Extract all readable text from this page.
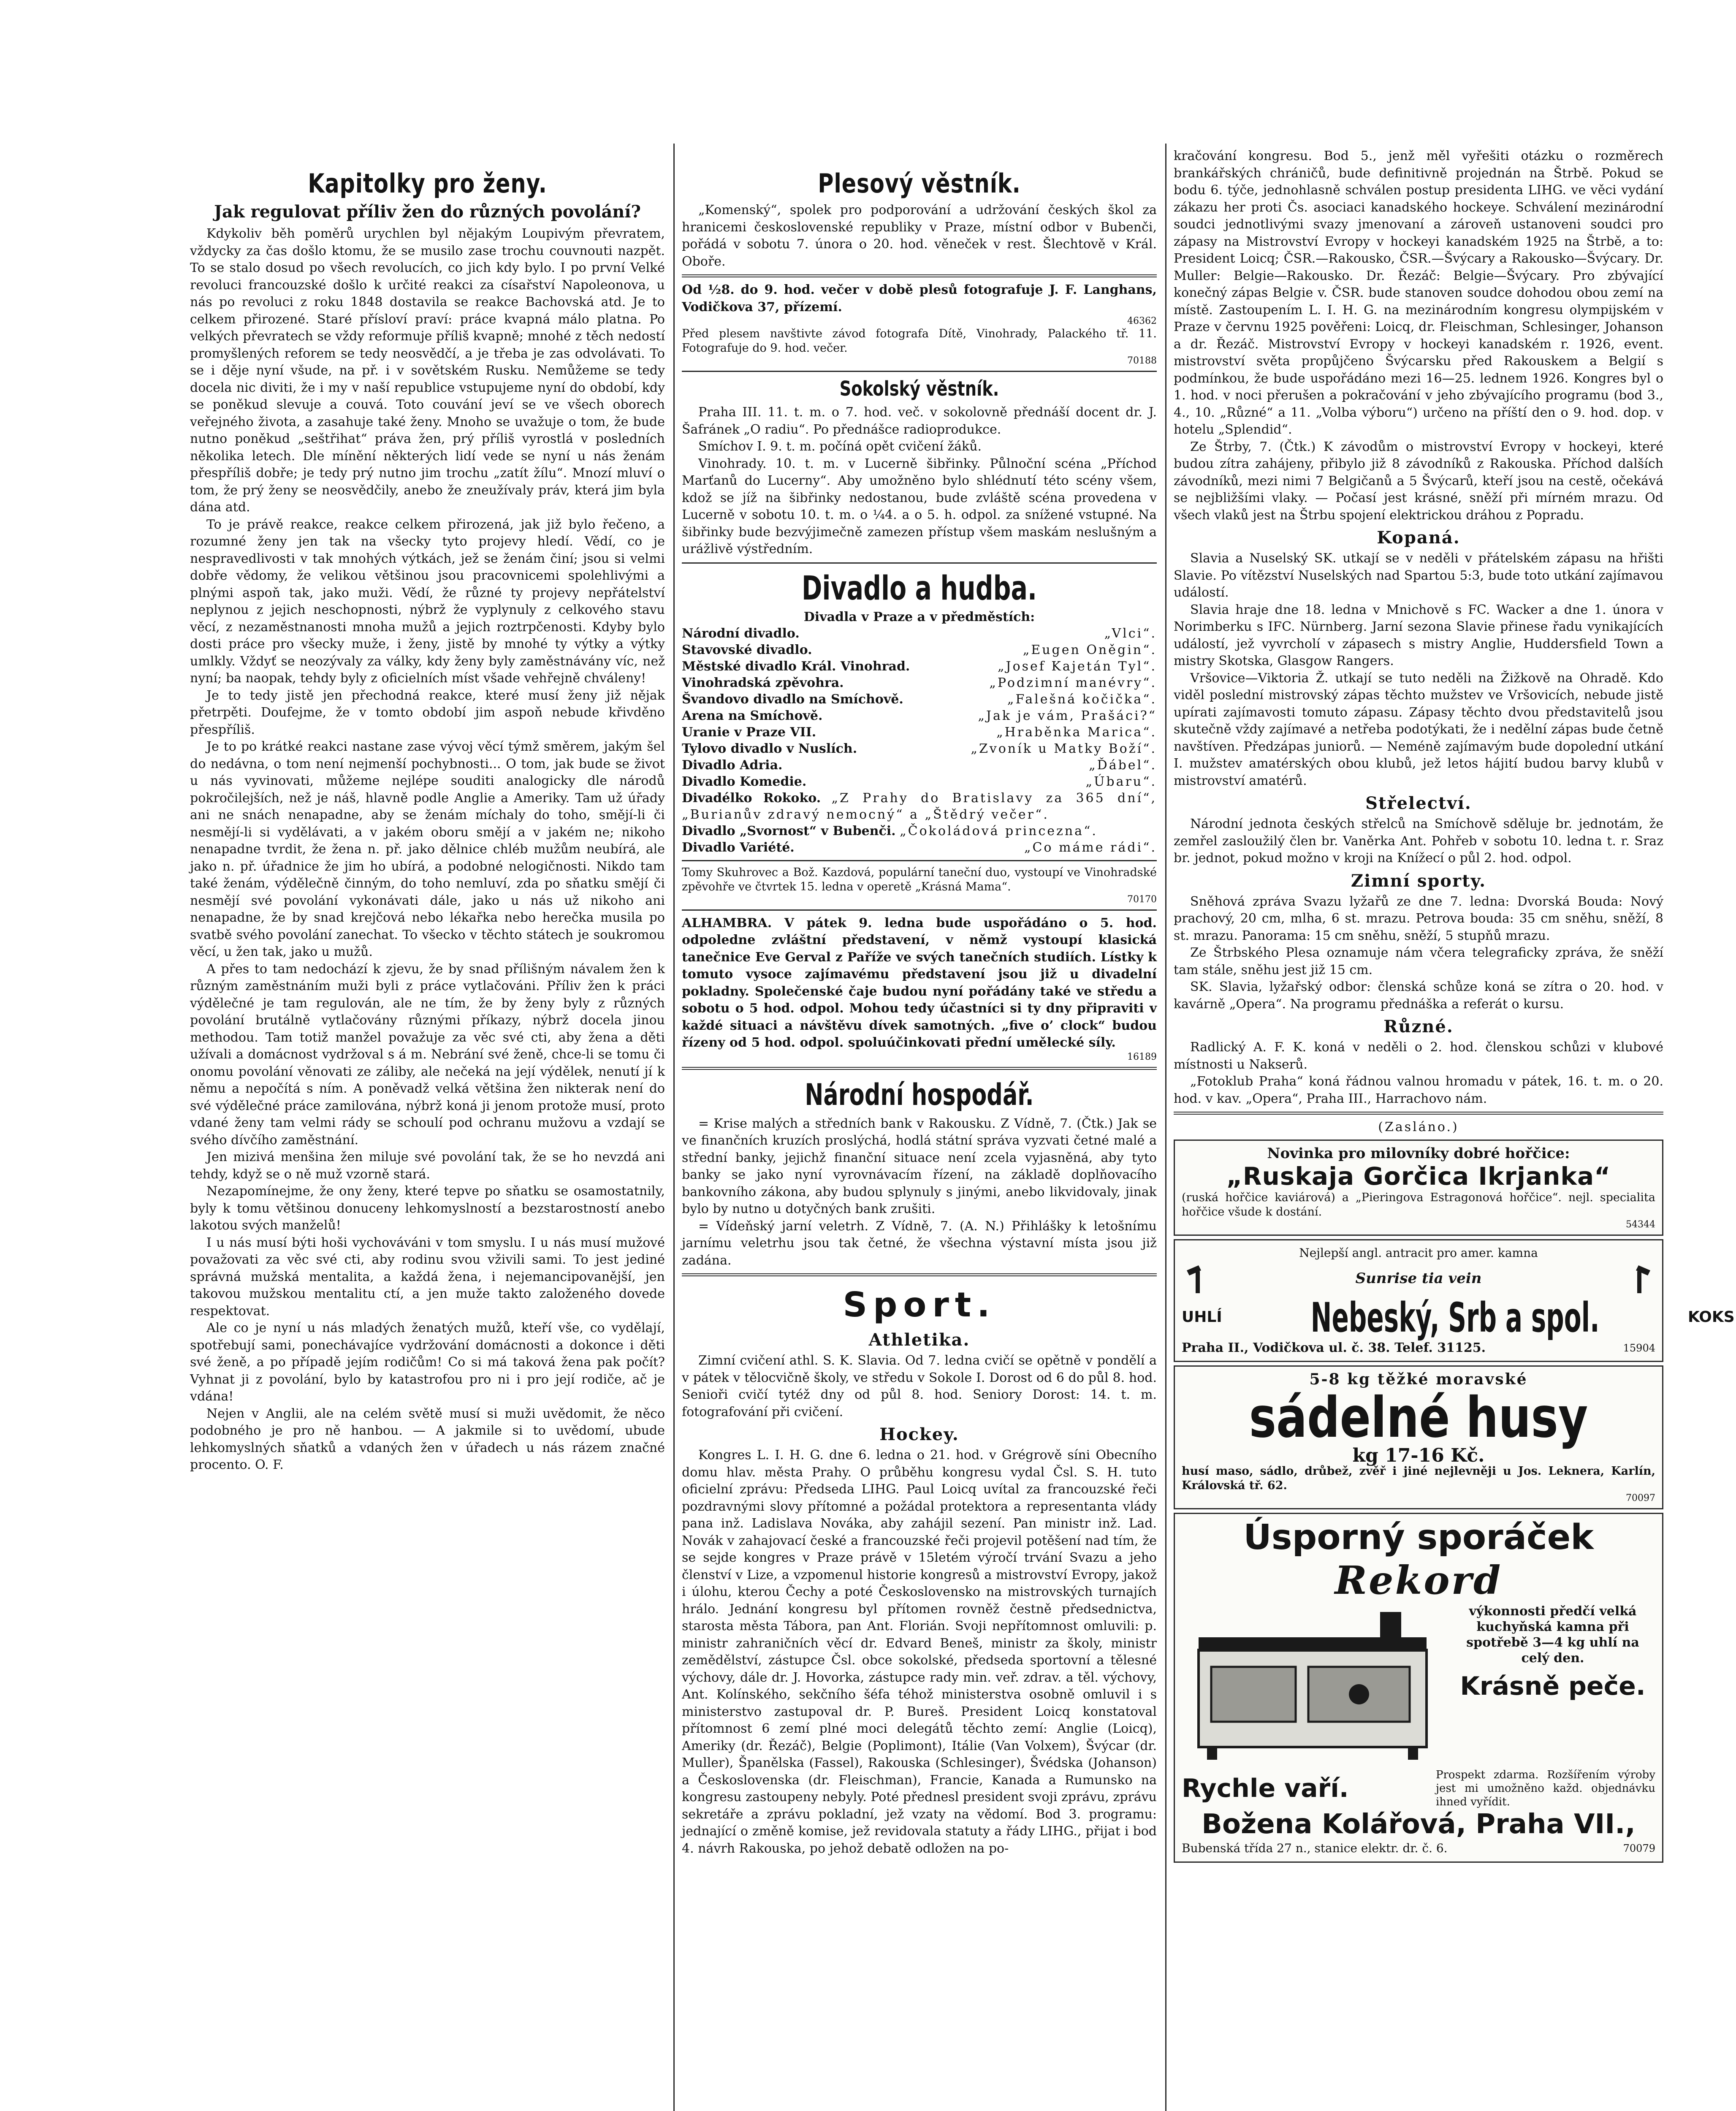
Kapitolky pro ženy.
Jak regulovat příliv žen do různých povolání?

Kdykoliv běh poměrů urychlen byl nějakým Loupivým převratem, vždycky za čas došlo ktomu, že se musilo zase trochu couvnouti nazpět. To se stalo dosud po všech revolucích, co jich kdy bylo. I po první Velké revoluci francouzské došlo k určité reakci za císařství Napoleonova, u nás po revoluci z roku 1848 dostavila se reakce Bachovská atd. Je to celkem přirozené. Staré přísloví praví: práce kvapná málo platna. Po velkých převratech se vždy reformuje příliš kvapně; mnohé z těch nedostí promyšlených reforem se tedy neosvědčí, a je třeba je zas odvolávati. To se i děje nyní všude, na př. i v sovětském Rusku. Nemůžeme se tedy docela nic diviti, že i my v naší republice vstupujeme nyní do období, kdy se poněkud slevuje a couvá. Toto couvání jeví se ve všech oborech veřejného života, a zasahuje také ženy. Mnoho se uvažuje o tom, že bude nutno poněkud „seštřihat“ práva žen, prý příliš vyrostlá v posledních několika letech. Dle mínění některých lidí vede se nyní u nás ženám přespříliš dobře; je tedy prý nutno jim trochu „zatít žílu“. Mnozí mluví o tom, že prý ženy se neosvědčily, anebo že zneužívaly práv, která jim byla dána atd.

To je právě reakce, reakce celkem přirozená, jak již bylo řečeno, a rozumné ženy jen tak na všecky tyto projevy hledí. Vědí, co je nespravedlivosti v tak mnohých výtkách, jež se ženám činí; jsou si velmi dobře vědomy, že velikou většinou jsou pracovnicemi spolehlivými a plnými aspoň tak, jako muži. Vědí, že různé ty projevy nepřátelství neplynou z jejich neschopnosti, nýbrž že vyplynuly z celkového stavu věcí, z nezaměstnanosti mnoha mužů a jejich roztrpčenosti. Kdyby bylo dosti práce pro všecky muže, i ženy, jistě by mnohé ty výtky a výtky umlkly. Vždyť se neozývaly za války, kdy ženy byly zaměstnávány víc, než nyní; ba naopak, tehdy byly z oficielních míst všade vehřejně chváleny!

Je to tedy jistě jen přechodná reakce, které musí ženy již nějak přetrpěti. Doufejme, že v tomto období jim aspoň nebude křivděno přespříliš.

Je to po krátké reakci nastane zase vývoj věcí týmž směrem, jakým šel do nedávna, o tom není nejmenší pochybnosti... O tom, jak bude se život u nás vyvinovati, můžeme nejlépe souditi analogicky dle národů pokročilejších, než je náš, hlavně podle Anglie a Ameriky. Tam už úřady ani ne snách nenapadne, aby se ženám míchaly do toho, smějí-li či nesmějí-li si vydělávati, a v jakém oboru smějí a v jakém ne; nikoho nenapadne tvrdit, že žena n. př. jako dělnice chléb mužům neubírá, ale jako n. př. úřadnice že jim ho ubírá, a podobné nelogičnosti. Nikdo tam také ženám, výdělečně činným, do toho nemluví, zda po sňatku smějí či nesmějí své povolání vykonávati dále, jako u nás už nikoho ani nenapadne, že by snad krejčová nebo lékařka nebo herečka musila po svatbě svého povolání zanechat. To všecko v těchto státech je soukromou věcí, u žen tak, jako u mužů.

A přes to tam nedochází k zjevu, že by snad přílišným návalem žen k různým zaměstnáním muži byli z práce vytlačováni. Příliv žen k práci výdělečné je tam regulován, ale ne tím, že by ženy byly z různých povolání brutálně vytlačovány různými příkazy, nýbrž docela jinou methodou. Tam totiž manžel považuje za věc své cti, aby žena a děti užívali a domácnost vydržoval s á m. Nebrání své ženě, chce-li se tomu či onomu povolání věnovati ze záliby, ale nečeká na její výdělek, nenutí jí k němu a nepočítá s ním. A poněvadž velká většina žen nikterak není do své výdělečné práce zamilována, nýbrž koná ji jenom protože musí, proto vdané ženy tam velmi rády se schoulí pod ochranu mužovu a vzdají se svého dívčího zaměstnání.

Jen mizivá menšina žen miluje své povolání tak, že se ho nevzdá ani tehdy, když se o ně muž vzorně stará.

Nezapomínejme, že ony ženy, které tepve po sňatku se osamostatnily, byly k tomu většinou donuceny lehkomyslností a bezstarostností anebo lakotou svých manželů!

I u nás musí býti hoši vychováváni v tom smyslu. I u nás musí mužové považovati za věc své cti, aby rodinu svou vživili sami. To jest jediné správná mužská mentalita, a každá žena, i nejemancipovanější, jen takovou mužskou mentalitu ctí, a jen muže takto založeného dovede respektovat.

Ale co je nyní u nás mladých ženatých mužů, kteří vše, co vydělají, spotřebují sami, ponechávajíce vydržování domácnosti a dokonce i děti své ženě, a po případě jejím rodičům! Co si má taková žena pak počít? Vyhnat ji z povolání, bylo by katastrofou pro ni i pro její rodiče, ač je vdána!

Nejen v Anglii, ale na celém světě musí si muži uvědomit, že něco podobného je pro ně hanbou. — A jakmile si to uvědomí, ubude lehkomyslných sňatků a vdaných žen v úřadech u nás rázem značné procento. O. F.

Plesový věstník.

„Komenský“, spolek pro podporování a udržování českých škol za hranicemi československé republiky v Praze, místní odbor v Bubenči, pořádá v sobotu 7. února o 20. hod. věneček v rest. Šlechtově v Král. Oboře.

Od ½8. do 9. hod. večer v době plesů fotografuje J. F. Langhans, Vodičkova 37, přízemí.

46362

Před plesem navštivte závod fotografa Dítě, Vinohrady, Palackého tř. 11. Fotografuje do 9. hod. večer.

70188
Sokolský věstník.

Praha III. 11. t. m. o 7. hod. več. v sokolovně přednáší docent dr. J. Šafránek „O radiu“. Po přednášce radioprodukce.

Smíchov I. 9. t. m. počíná opět cvičení žáků.

Vinohrady. 10. t. m. v Lucerně šibřinky. Půlnoční scéna „Příchod Marťanů do Lucerny“. Aby umožněno bylo shlédnutí této scény všem, kdož se jíž na šibřinky nedostanou, bude zvláště scéna provedena v Lucerně v sobotu 10. t. m. o ¼4. a o 5. h. odpol. za snížené vstupné. Na šibřinky bude bezvýjimečně zamezen přístup všem maskám neslušným a urážlivě výstředním.

Divadlo a hudba.
Divadla v Praze a v předměstích:
Národní divadlo.	„Vlci“.
Stavovské divadlo.	„Eugen Oněgin“.
Městské divadlo Král. Vinohrad.	„Josef Kajetán Tyl“.
Vinohradská zpěvohra.	„Podzimní manévry“.
Švandovo divadlo na Smíchově.	„Falešná kočička“.
Arena na Smíchově.	„Jak je vám, Prašáci?“
Uranie v Praze VII.	„Hraběnka Marica“.
Tylovo divadlo v Nuslích.	„Zvoník u Matky Boží“.
Divadlo Adria.	„Ďábel“.
Divadlo Komedie.	„Úbaru“.
Divadélko Rokoko. „Z Prahy do Bratislavy za 365 dní“, „Burianův zdravý nemocný“ a „Štědrý večer“.
Divadlo „Svornost“ v Bubenči. „Čokoládová princezna“.
Divadlo Variété.	„Co máme rádi“.

Tomy Skuhrovec a Bož. Kazdová, populární taneční duo, vystoupí ve Vinohradské zpěvohře ve čtvrtek 15. ledna v operetě „Krásná Mama“.

70170

ALHAMBRA. V pátek 9. ledna bude uspořádáno o 5. hod. odpoledne zvláštní představení, v němž vystoupí klasická tanečnice Eve Gerval z Paříže ve svých tanečních studiích. Lístky k tomuto vysoce zajímavému představení jsou již u divadelní pokladny. Společenské čaje budou nyní pořádány také ve středu a sobotu o 5 hod. odpol. Mohou tedy účastníci si ty dny připraviti v každé situaci a návštěvu dívek samotných. „five o’ clock“ budou řízeny od 5 hod. odpol. spoluúčinkovati přední umělecké síly.

16189
Národní hospodář.

= Krise malých a středních bank v Rakousku. Z Vídně, 7. (Čtk.) Jak se ve finančních kruzích proslýchá, hodlá státní správa vyzvati četné malé a střední banky, jejichž finanční situace není zcela vyjasněná, aby tyto banky se jako nyní vyrovnávacím řízení, na základě doplňovacího bankovního zákona, aby budou splynuly s jinými, anebo likvidovaly, jinak bylo by nutno u dotyčných bank zrušiti.

= Vídeňský jarní veletrh. Z Vídně, 7. (A. N.) Přihlášky k letošnímu jarnímu veletrhu jsou tak četné, že všechna výstavní místa jsou již zadána.

Sport.
Athletika.

Zimní cvičení athl. S. K. Slavia. Od 7. ledna cvičí se opětně v pondělí a v pátek v tělocvičně školy, ve středu v Sokole I. Dorost od 6 do půl 8. hod. Senioři cvičí tytéž dny od půl 8. hod. Seniory Dorost: 14. t. m. fotografování při cvičení.

Hockey.

Kongres L. I. H. G. dne 6. ledna o 21. hod. v Grégrově síni Obecního domu hlav. města Prahy. O průběhu kongresu vydal Čsl. S. H. tuto oficielní zprávu: Předseda LIHG. Paul Loicq uvítal za francouzské řeči pozdravnými slovy přítomné a požádal protektora a representanta vlády pana inž. Ladislava Nováka, aby zahájil sezení. Pan ministr inž. Lad. Novák v zahajovací české a francouzské řeči projevil potěšení nad tím, že se sejde kongres v Praze právě v 15letém výročí trvání Svazu a jeho členství v Lize, a vzpomenul historie kongresů a mistrovství Evropy, jakož i úlohu, kterou Čechy a poté Československo na mistrovských turnajích hrálo. Jednání kongresu byl přítomen rovněž čestně předsednictva, starosta města Tábora, pan Ant. Florián. Svoji nepřítomnost omluvili: p. ministr zahraničních věcí dr. Edvard Beneš, ministr za školy, ministr zemědělství, zástupce Čsl. obce sokolské, předseda sportovní a tělesné výchovy, dále dr. J. Hovorka, zástupce rady min. veř. zdrav. a těl. výchovy, Ant. Kolínského, sekčního šéfa téhož ministerstva osobně omluvil i s ministerstvo zastupoval dr. P. Bureš. President Loicq konstatoval přítomnost 6 zemí plné moci delegátů těchto zemí: Anglie (Loicq), Ameriky (dr. Řezáč), Belgie (Poplimont), Itálie (Van Volxem), Švýcar (dr. Muller), Španělska (Fassel), Rakouska (Schlesinger), Švédska (Johanson) a Československa (dr. Fleischman), Francie, Kanada a Rumunsko na kongresu zastoupeny nebyly. Poté přednesl president svoji zprávu, zprávu sekretáře a zprávu pokladní, jež vzaty na vědomí. Bod 3. programu: jednající o změně komise, jež revidovala statuty a řády LIHG., přijat i bod 4. návrh Rakouska, po jehož debatě odložen na po-

kračování kongresu. Bod 5., jenž měl vyřešiti otázku o rozměrech brankářských chráničů, bude definitivně projednán na Štrbě. Pokud se bodu 6. týče, jednohlasně schválen postup presidenta LIHG. ve věci vydání zákazu her proti Čs. asociaci kanadského hockeye. Schválení mezinárodní soudci jednotlivými svazy jmenovaní a zároveň ustanoveni soudci pro zápasy na Mistrovství Evropy v hockeyi kanadském 1925 na Štrbě, a to: President Loicq; ČSR.—Rakousko, ČSR.—Švýcary a Rakousko—Švýcary. Dr. Muller: Belgie—Rakousko. Dr. Řezáč: Belgie—Švýcary. Pro zbývající konečný zápas Belgie v. ČSR. bude stanoven soudce dohodou obou zemí na místě. Zastoupením L. I. H. G. na mezinárodním kongresu olympijském v Praze v červnu 1925 pověřeni: Loicq, dr. Fleischman, Schlesinger, Johanson a dr. Řezáč. Mistrovství Evropy v hockeyi kanadském r. 1926, event. mistrovství světa propůjčeno Švýcarsku před Rakouskem a Belgií s podmínkou, že bude uspořádáno mezi 16—25. lednem 1926. Kongres byl o 1. hod. v noci přerušen a pokračování v jeho zbývajícího programu (bod 3., 4., 10. „Různé“ a 11. „Volba výboru“) určeno na příští den o 9. hod. dop. v hotelu „Splendid“.

Ze Štrby, 7. (Čtk.) K závodům o mistrovství Evropy v hockeyi, které budou zítra zahájeny, přibylo již 8 závodníků z Rakouska. Příchod dalších závodníků, mezi nimi 7 Belgičanů a 5 Švýcarů, kteří jsou na cestě, očekává se nejbližšími vlaky. — Počasí jest krásné, sněží při mírném mrazu. Od všech vlaků jest na Štrbu spojení elektrickou dráhou z Popradu.

Kopaná.

Slavia a Nuselský SK. utkají se v neděli v přátelském zápasu na hřišti Slavie. Po vítězství Nuselských nad Spartou 5:3, bude toto utkání zajímavou událostí.

Slavia hraje dne 18. ledna v Mnichově s FC. Wacker a dne 1. února v Norimberku s IFC. Nürnberg. Jarní sezona Slavie přinese řadu vynikajících událostí, jež vyvrcholí v zápasech s mistry Anglie, Huddersfield Town a mistry Skotska, Glasgow Rangers.

Vršovice—Viktoria Ž. utkají se tuto neděli na Žižkově na Ohradě. Kdo viděl poslední mistrovský zápas těchto mužstev ve Vršovicích, nebude jistě upírati zajímavosti tomuto zápasu. Zápasy těchto dvou představitelů jsou skutečně vždy zajímavé a netřeba podotýkati, že i nedělní zápas bude četně navštíven. Předzápas juniorů. — Neméně zajímavým bude dopolední utkání I. mužstev amatérských obou klubů, jež letos hájití budou barvy klubů v mistrovství amatérů.

Střelectví.

Národní jednota českých střelců na Smíchově sděluje br. jednotám, že zemřel zasloužilý člen br. Vaněrka Ant. Pohřeb v sobotu 10. ledna t. r. Sraz br. jednot, pokud možno v kroji na Knížecí o půl 2. hod. odpol.

Zimní sporty.

Sněhová zpráva Svazu lyžařů ze dne 7. ledna: Dvorská Bouda: Nový prachový, 20 cm, mlha, 6 st. mrazu. Petrova bouda: 35 cm sněhu, sněží, 8 st. mrazu. Panorama: 15 cm sněhu, sněží, 5 stupňů mrazu.

Ze Štrbského Plesa oznamuje nám včera telegraficky zpráva, že sněží tam stále, sněhu jest již 15 cm.

SK. Slavia, lyžařský odbor: členská schůze koná se zítra o 20. hod. v kavárně „Opera“. Na programu přednáška a referát o kursu.

Různé.

Radlický A. F. K. koná v neděli o 2. hod. členskou schůzi v klubové místnosti u Nakserů.

„Fotoklub Praha“ koná řádnou valnou hromadu v pátek, 16. t. m. o 20. hod. v kav. „Opera“, Praha III., Harrachovo nám.

(Zasláno.)
Novinka pro milovníky dobré hořčice:
„Ruskaja Gorčica Ikrjanka“
(ruská hořčice kaviárová) a „Pieringova Estragonová hořčice“. nejl. specialita hořčice všude k dostání.
54344
Nejlepší angl. antracit pro amer. kamna
Sunrise tia vein
UHLÍ Nebeský, Srb a spol.	KOKS
Praha II., Vodičkova ul. č. 38. Telef. 31125.	15904
5-8 kg těžké moravské
sádelné husy
kg 17-16 Kč.
husí maso, sádlo, drůbež, zvěř i jiné nejlevněji u Jos. Leknera, Karlín, Královská tř. 62.
70097
Úsporný sporáček
Rekord
výkonnosti předčí velká kuchyňská kamna při spotřebě 3—4 kg uhlí na celý den.
Krásně peče.
Rychle vaří.	Prospekt zdarma. Rozšířením výroby jest mi umožněno každ. objednávku ihned vyřídit.
Božena Kolářová, Praha VII.,
Bubenská třída 27 n., stanice elektr. dr. č. 6.	70079
